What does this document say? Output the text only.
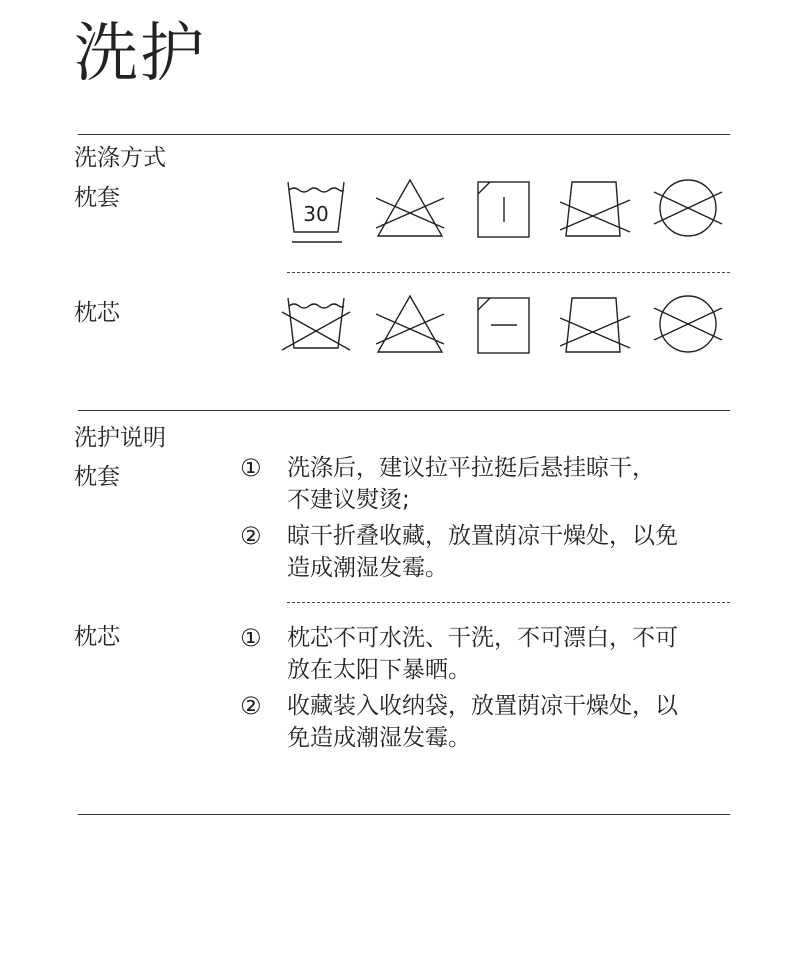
洗护
洗涤方式
枕套
30
枕芯
洗护说明
枕套	① 洗涤后，建议拉平拉挺后悬挂晾干，
不建议熨烫;
② 晾干折叠收藏，放置荫凉干燥处，以免
造成潮湿发霉。
枕芯	① 枕芯不可水洗、干洗，不可漂白，不可
放在太阳下暴晒。
② 收藏装入收纳袋，放置荫凉干燥处，以
免造成潮湿发霉。
